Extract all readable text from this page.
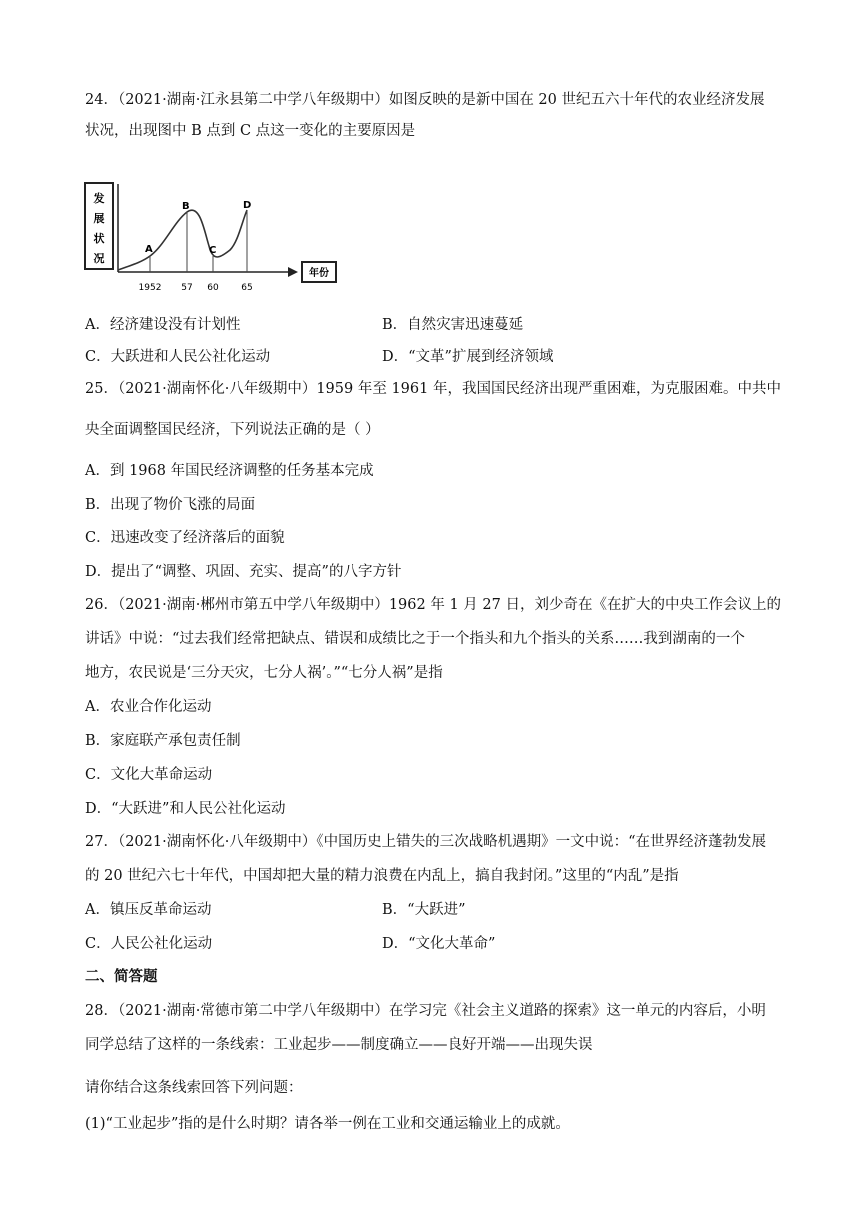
24．（2021·湖南·江永县第二中学八年级期中）如图反映的是新中国在 20 世纪五六十年代的农业经济发展
状况，出现图中 B 点到 C 点这一变化的主要原因是
发
展
状
况
年份
A
B
C
D
1952 57 60	65
A．经济建设没有计划性	B．自然灾害迅速蔓延
C．大跃进和人民公社化运动	D．“文革”扩展到经济领域
25．（2021·湖南怀化·八年级期中）1959 年至 1961 年，我国国民经济出现严重困难，为克服困难。中共中
央全面调整国民经济，下列说法正确的是（ ）
A．到 1968 年国民经济调整的任务基本完成
B．出现了物价飞涨的局面
C．迅速改变了经济落后的面貌
D．提出了“调整、巩固、充实、提高”的八字方针
26．（2021·湖南·郴州市第五中学八年级期中）1962 年 1 月 27 日，刘少奇在《在扩大的中央工作会议上的
讲话》中说：“过去我们经常把缺点、错误和成绩比之于一个指头和九个指头的关系……我到湖南的一个
地方，农民说是‘三分天灾，七分人祸’。”“七分人祸”是指
A．农业合作化运动
B．家庭联产承包责任制
C．文化大革命运动
D．“大跃进”和人民公社化运动
27．（2021·湖南怀化·八年级期中）《中国历史上错失的三次战略机遇期》一文中说：“在世界经济蓬勃发展
的 20 世纪六七十年代，中国却把大量的精力浪费在内乱上，搞自我封闭。”这里的“内乱”是指
A．镇压反革命运动	B．“大跃进”
C．人民公社化运动	D．“文化大革命”
二、简答题
28．（2021·湖南·常德市第二中学八年级期中）在学习完《社会主义道路的探索》这一单元的内容后，小明
同学总结了这样的一条线索：工业起步——制度确立——良好开端——出现失误
请你结合这条线索回答下列问题：
(1)“工业起步”指的是什么时期？请各举一例在工业和交通运输业上的成就。
